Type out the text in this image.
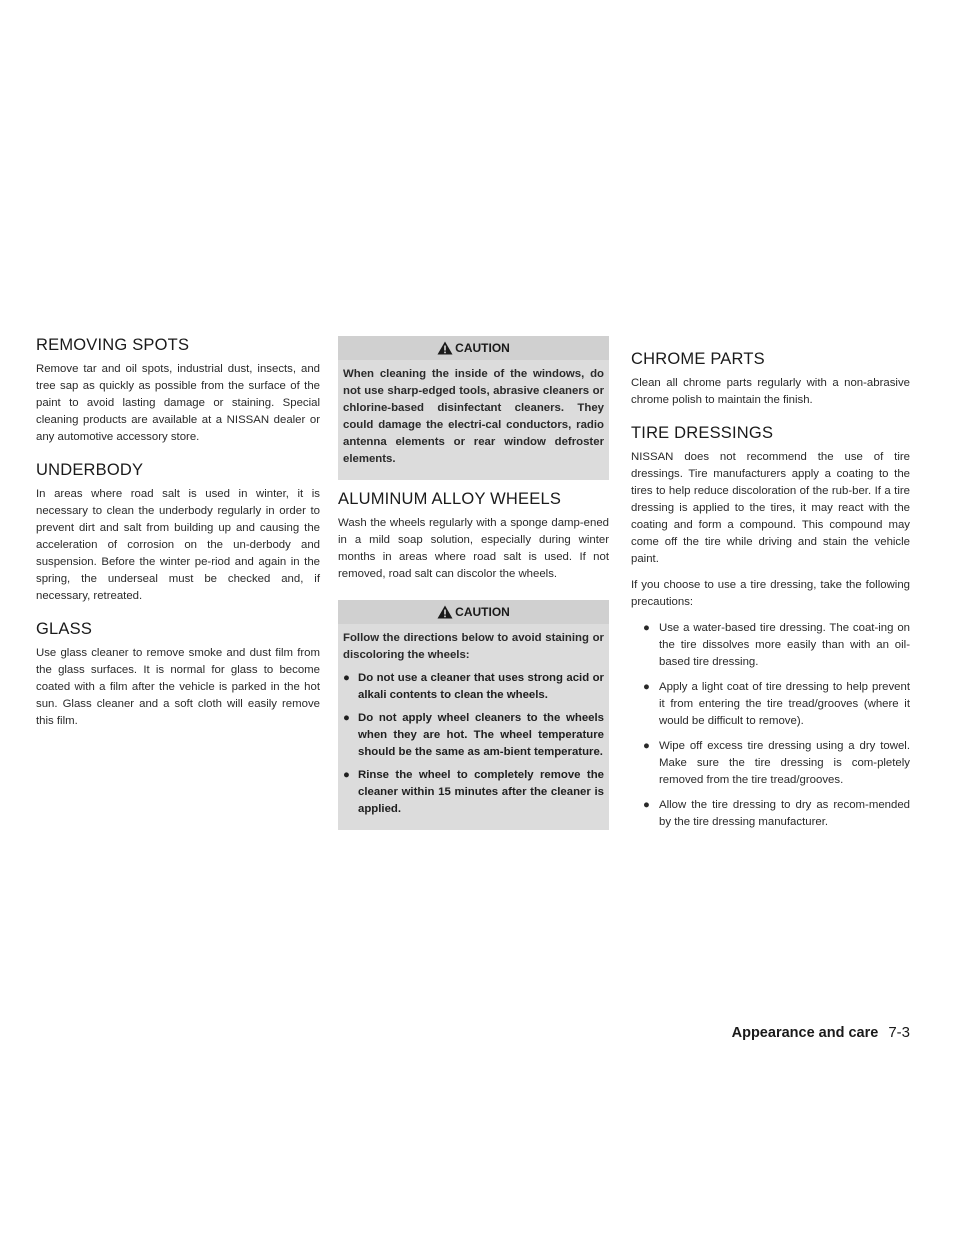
REMOVING SPOTS

Remove tar and oil spots, industrial dust, insects, and tree sap as quickly as possible from the surface of the paint to avoid lasting damage or staining. Special cleaning products are available at a NISSAN dealer or any automotive accessory store.

UNDERBODY

In areas where road salt is used in winter, it is necessary to clean the underbody regularly in order to prevent dirt and salt from building up and causing the acceleration of corrosion on the un-derbody and suspension. Before the winter pe-riod and again in the spring, the underseal must be checked and, if necessary, retreated.

GLASS

Use glass cleaner to remove smoke and dust film from the glass surfaces. It is normal for glass to become coated with a film after the vehicle is parked in the hot sun. Glass cleaner and a soft cloth will easily remove this film.

CAUTION

When cleaning the inside of the windows, do not use sharp-edged tools, abrasive cleaners or chlorine-based disinfectant cleaners. They could damage the electri-cal conductors, radio antenna elements or rear window defroster elements.

ALUMINUM ALLOY WHEELS

Wash the wheels regularly with a sponge damp-ened in a mild soap solution, especially during winter months in areas where road salt is used. If not removed, road salt can discolor the wheels.

CAUTION

Follow the directions below to avoid staining or discoloring the wheels:

● Do not use a cleaner that uses strong acid or alkali contents to clean the wheels.
● Do not apply wheel cleaners to the wheels when they are hot. The wheel temperature should be the same as am-bient temperature.
● Rinse the wheel to completely remove the cleaner within 15 minutes after the cleaner is applied.
CHROME PARTS

Clean all chrome parts regularly with a non-abrasive chrome polish to maintain the finish.

TIRE DRESSINGS

NISSAN does not recommend the use of tire dressings. Tire manufacturers apply a coating to the tires to help reduce discoloration of the rub-ber. If a tire dressing is applied to the tires, it may react with the coating and form a compound. This compound may come off the tire while driving and stain the vehicle paint.

If you choose to use a tire dressing, take the following precautions:

● Use a water-based tire dressing. The coat-ing on the tire dissolves more easily than with an oil-based tire dressing.
● Apply a light coat of tire dressing to help prevent it from entering the tire tread/grooves (where it would be difficult to remove).
● Wipe off excess tire dressing using a dry towel. Make sure the tire dressing is com-pletely removed from the tire tread/grooves.
● Allow the tire dressing to dry as recom-mended by the tire dressing manufacturer.
Appearance and care 7-3
